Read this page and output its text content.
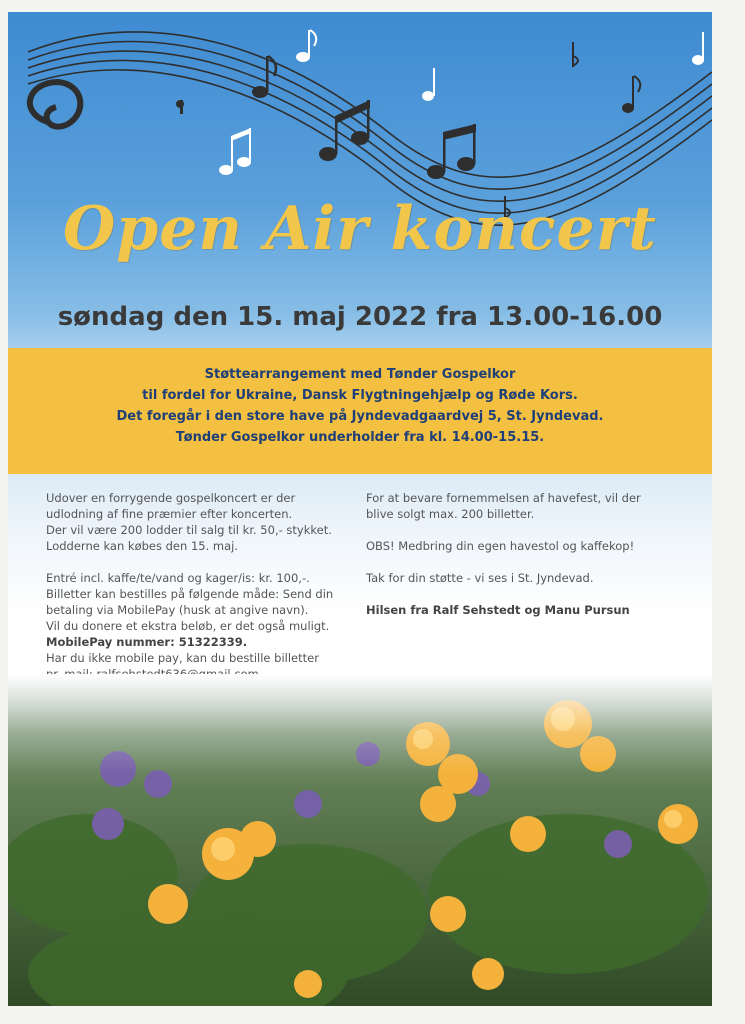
Open Air koncert
søndag den 15. maj 2022 fra 13.00-16.00
Støttearrangement med Tønder Gospelkor
til fordel for Ukraine, Dansk Flygtningehjælp og Røde Kors.
Det foregår i den store have på Jyndevadgaardvej 5, St. Jyndevad.
Tønder Gospelkor underholder fra kl. 14.00-15.15.
Udover en forrygende gospelkoncert er der
udlodning af fine præmier efter koncerten.
Der vil være 200 lodder til salg til kr. 50,- stykket.
Lodderne kan købes den 15. maj.
Entré incl. kaffe/te/vand og kager/is: kr. 100,-.
Billetter kan bestilles på følgende måde: Send din
betaling via MobilePay (husk at angive navn).
Vil du donere et ekstra beløb, er det også muligt.
MobilePay nummer: 51322339.
Har du ikke mobile pay, kan du bestille billetter
For at bevare fornemmelsen af havefest, vil der
blive solgt max. 200 billetter.
OBS! Medbring din egen havestol og kaffekop!
Tak for din støtte - vi ses i St. Jyndevad.
Hilsen fra Ralf Sehstedt og Manu Pursun
